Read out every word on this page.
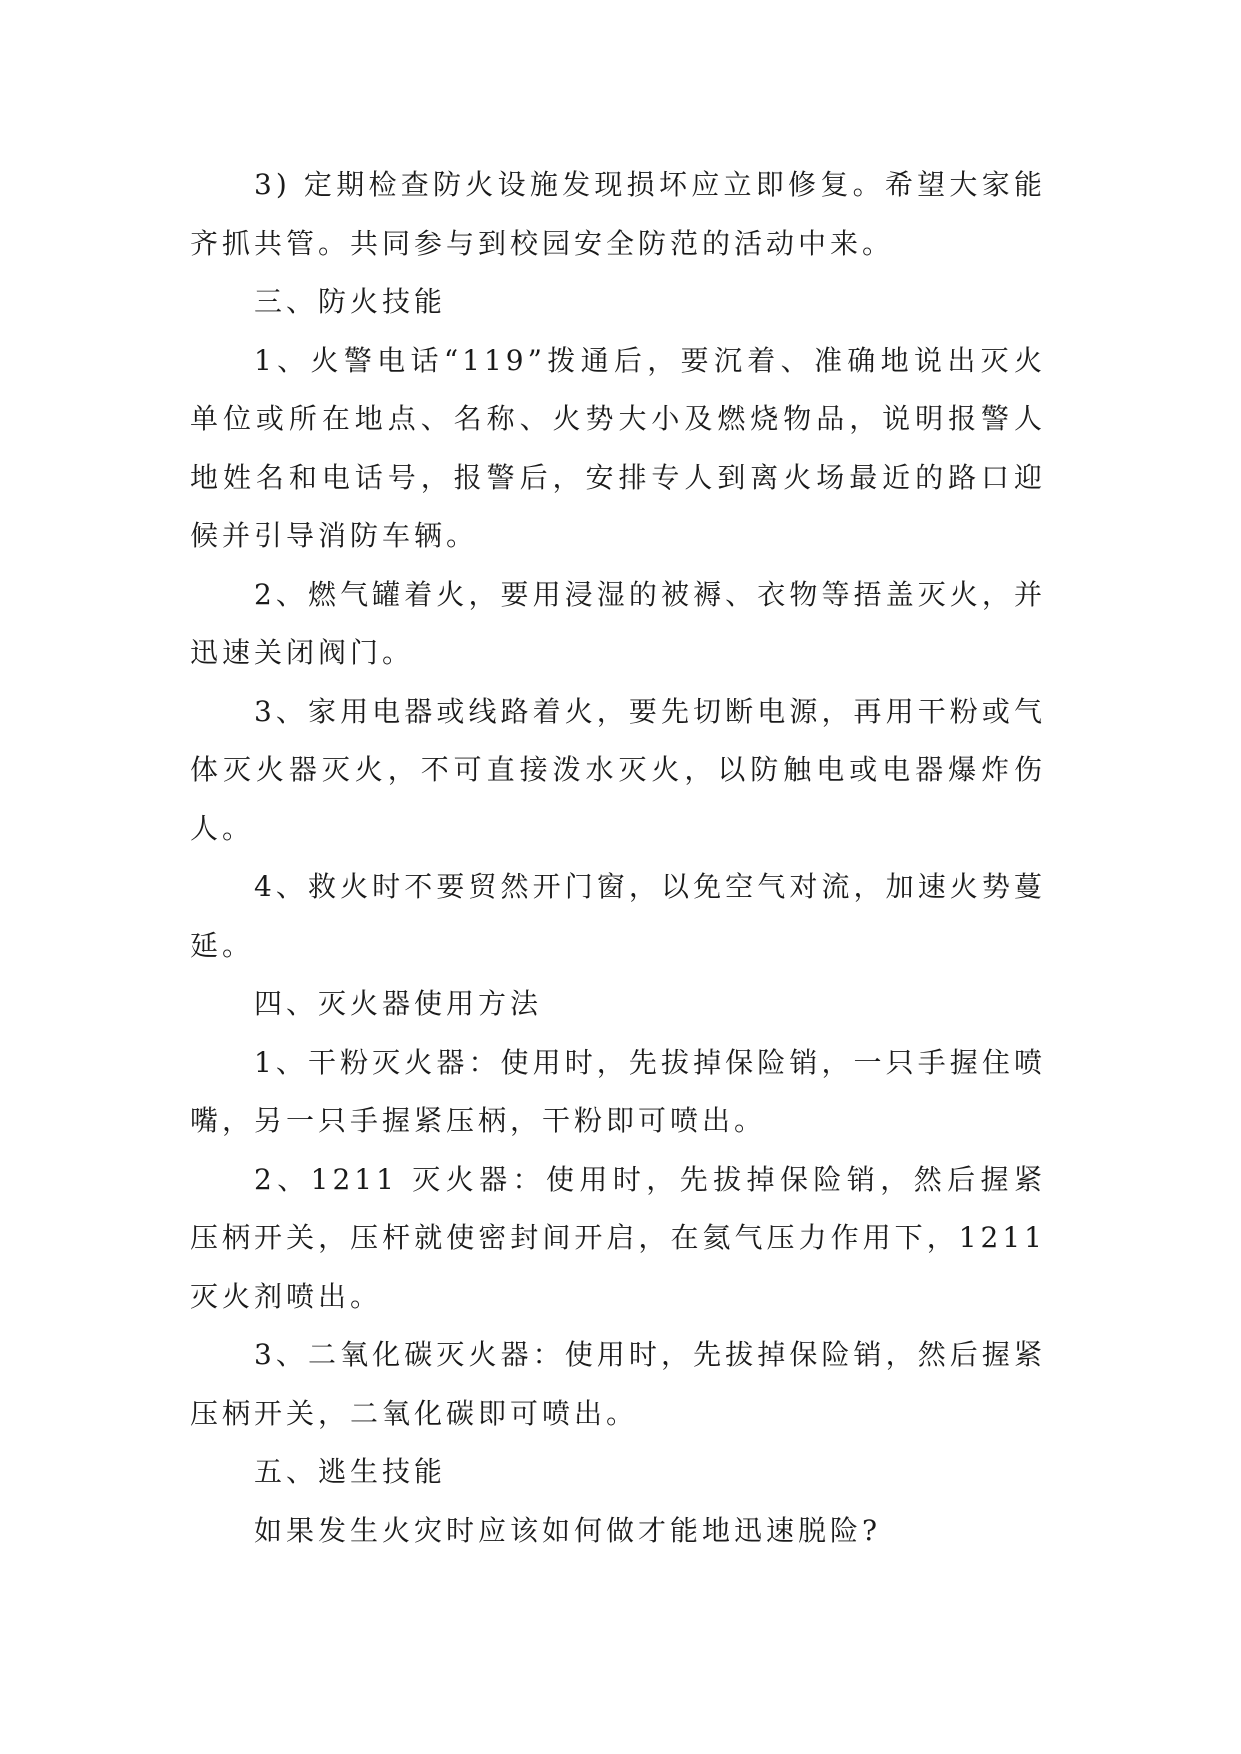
3) 定期检查防火设施发现损坏应立即修复。希望大家能齐抓共管。共同参与到校园安全防范的活动中来。

三、防火技能

1、火警电话“119”拨通后，要沉着、准确地说出灭火单位或所在地点、名称、火势大小及燃烧物品，说明报警人地姓名和电话号，报警后，安排专人到离火场最近的路口迎候并引导消防车辆。

2、燃气罐着火，要用浸湿的被褥、衣物等捂盖灭火，并迅速关闭阀门。

3、家用电器或线路着火，要先切断电源，再用干粉或气体灭火器灭火，不可直接泼水灭火，以防触电或电器爆炸伤人。

4、救火时不要贸然开门窗，以免空气对流，加速火势蔓延。

四、灭火器使用方法

1、干粉灭火器：使用时，先拔掉保险销，一只手握住喷嘴，另一只手握紧压柄，干粉即可喷出。

2、1211 灭火器：使用时，先拔掉保险销，然后握紧压柄开关，压杆就使密封间开启，在氦气压力作用下，1211 灭火剂喷出。

3、二氧化碳灭火器：使用时，先拔掉保险销，然后握紧压柄开关，二氧化碳即可喷出。

五、逃生技能

如果发生火灾时应该如何做才能地迅速脱险?
